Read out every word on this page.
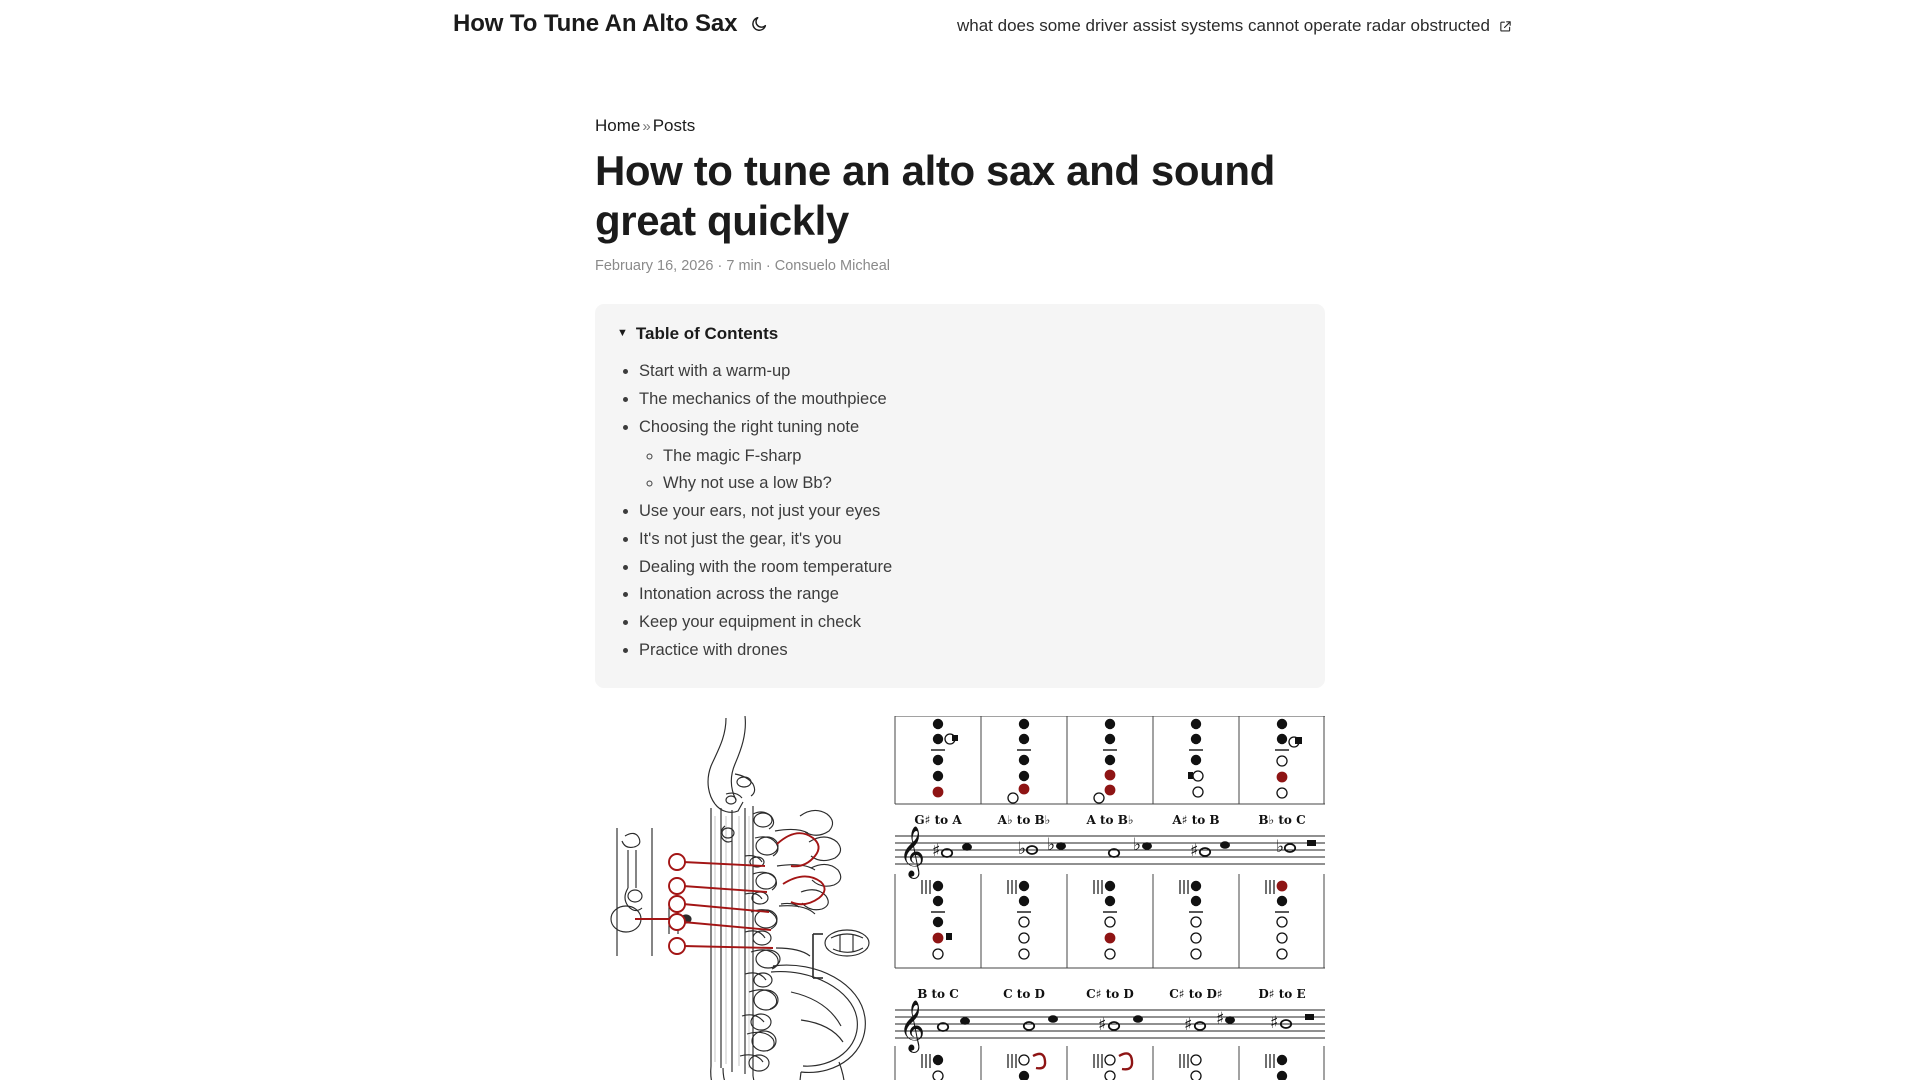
How To Tune An Alto Sax	what does some driver assist systems cannot operate radar obstructed
Home » Posts
How to tune an alto sax and sound great quickly
February 16, 2026 · 7 min · Consuelo Micheal
▼ Table of Contents
• Start with a warm-up
• The mechanics of the mouthpiece
• Choosing the right tuning note
◦ The magic F-sharp
◦ Why not use a low Bb?
• Use your ears, not just your eyes
• It's not just the gear, it's you
• Dealing with the room temperature
• Intonation across the range
• Keep your equipment in check
• Practice with drones
G♯ to A	A♭ to B♭	A to B♭	A♯ to B	B♭ to C
𝄞 ♯	♭ ♭	♭	♯	♭
B to C	C to D	C♯ to D	C♯ to D♯	D♯ to E
𝄞	♯	♯ ♯	♯
